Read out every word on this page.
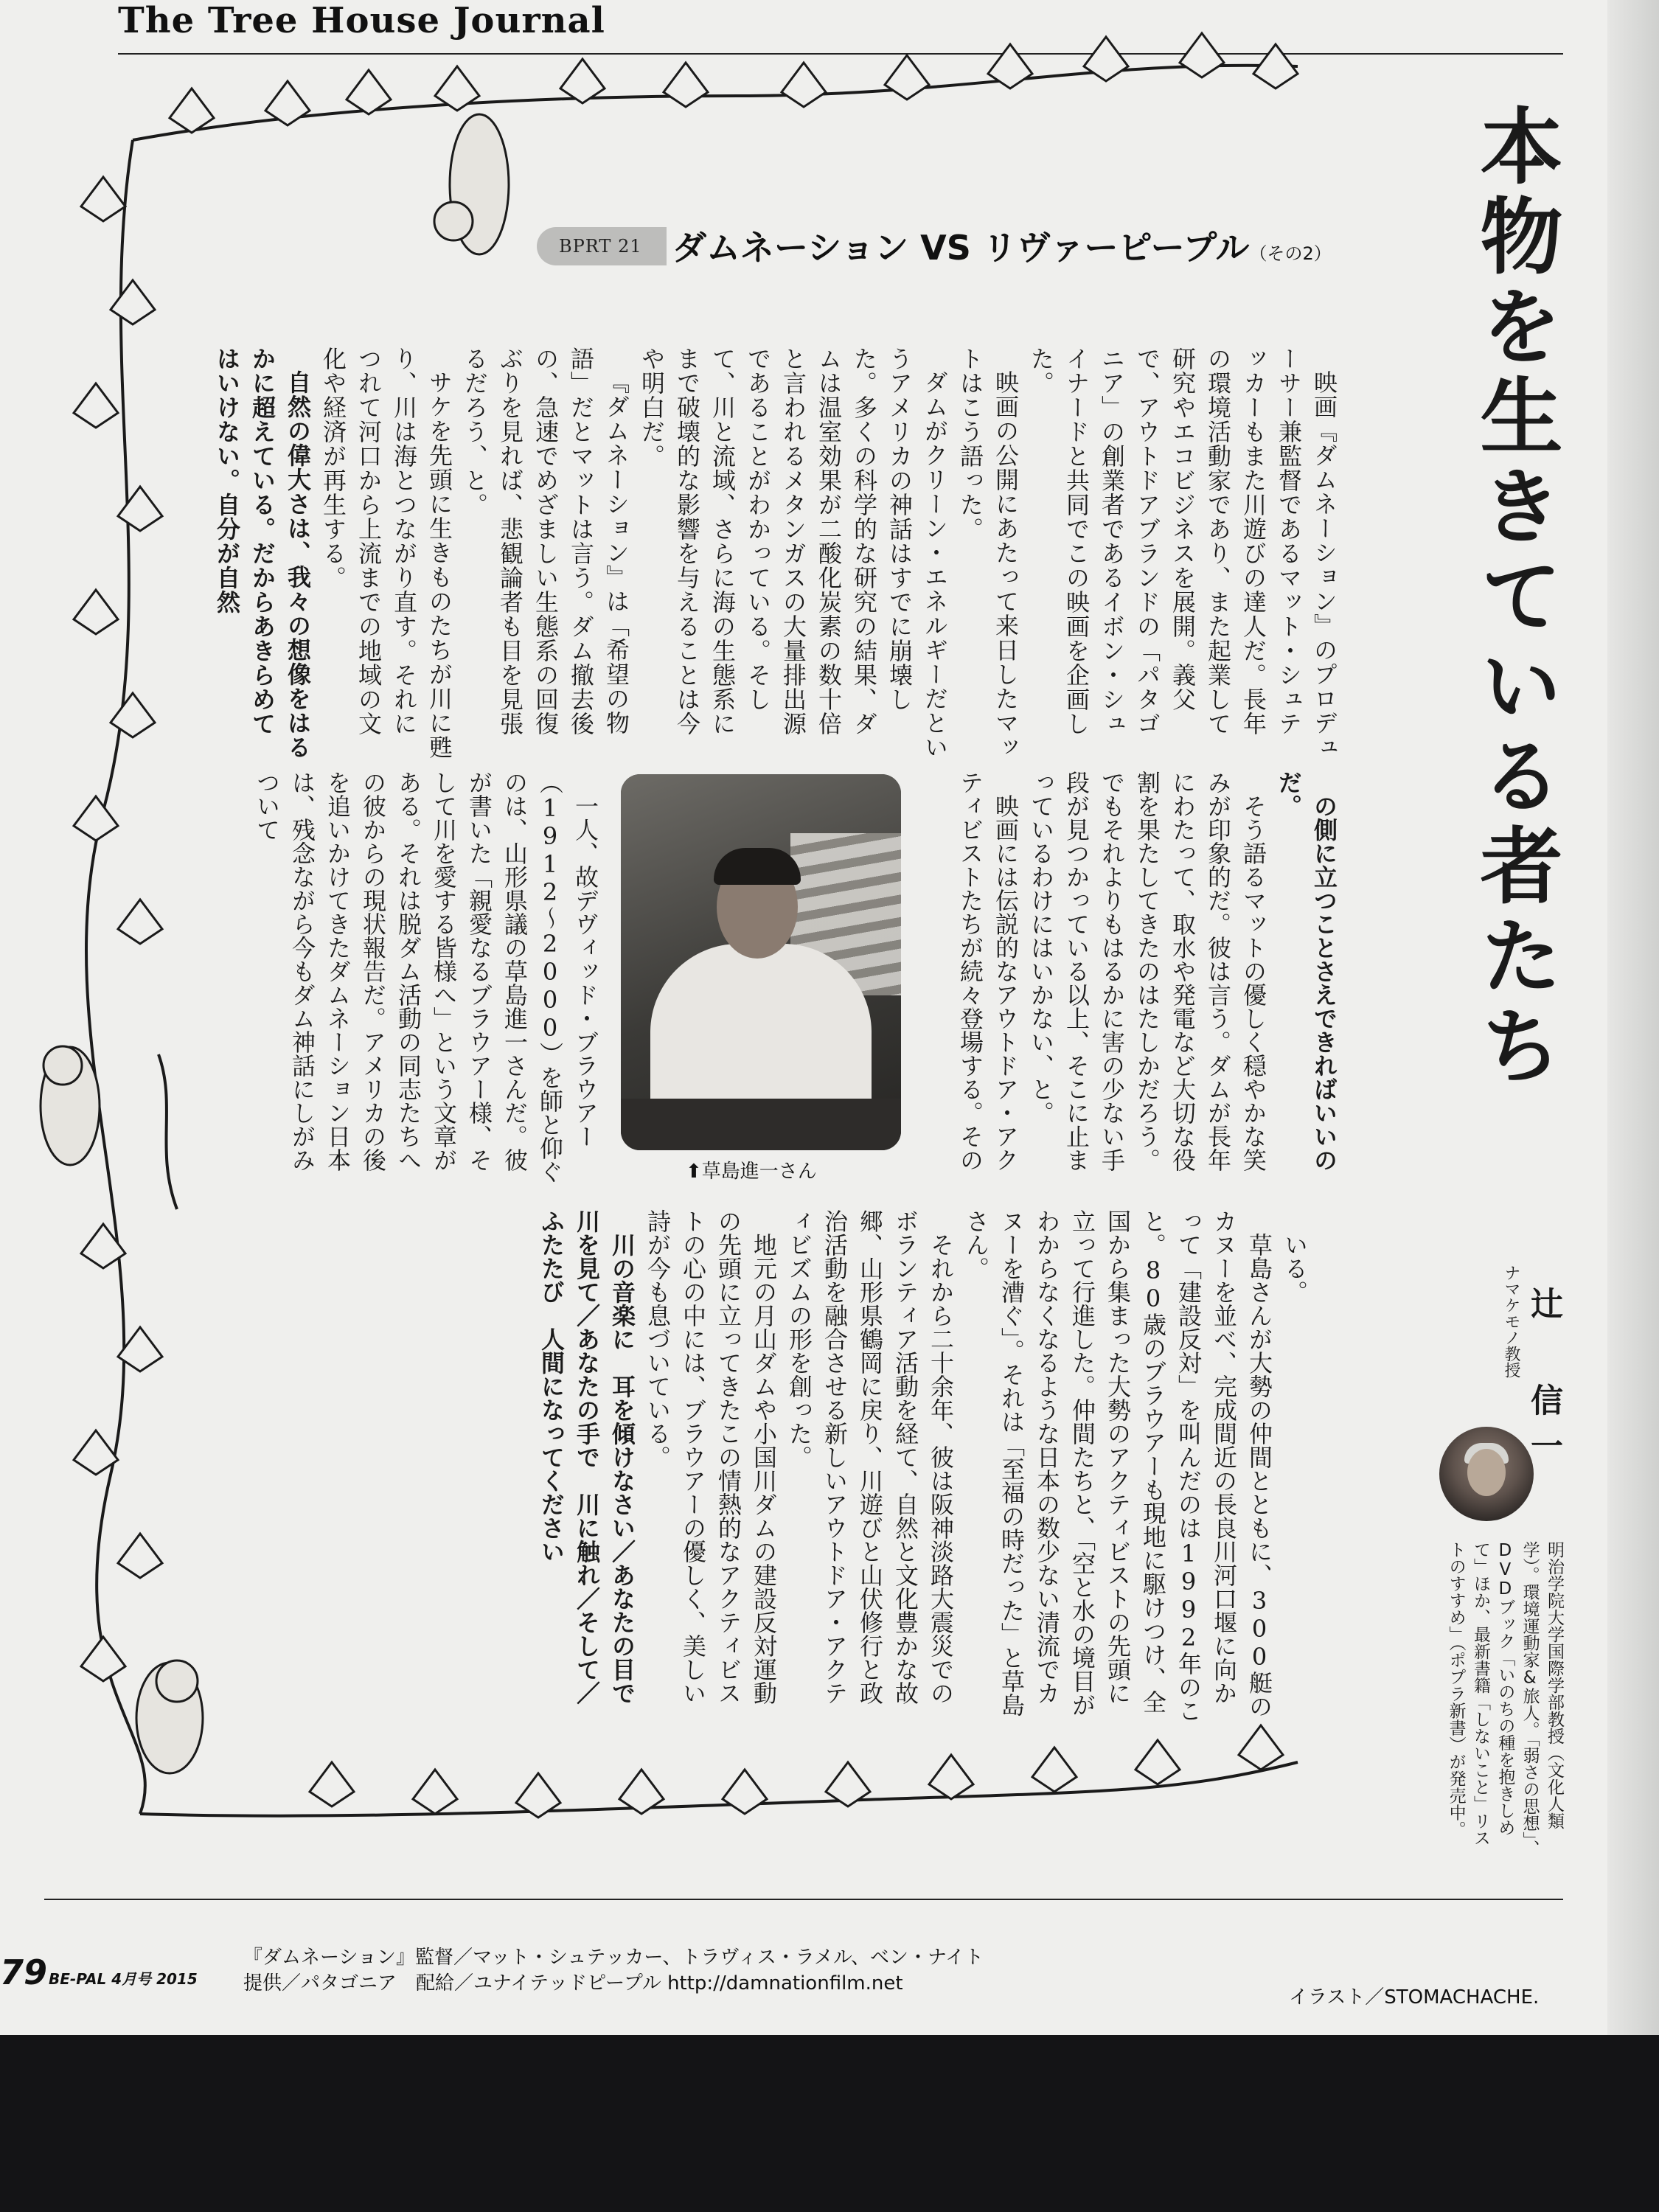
The Tree House Journal
BPRT 21 ダムネーション VS リヴァーピープル（その2） 本物を生きている者たち
ナマケモノ教授 辻 信一
明治学院大学国際学部教授（文化人類学）。環境運動家&旅人。「弱さの思想」、DVDブック「いのちの種を抱きしめて」ほか、最新書籍「しないこと」リストのすすめ」（ポプラ新書）が発売中。

映画『ダムネーション』のプロデューサー兼監督であるマット・シュテッカーもまた川遊びの達人だ。長年の環境活動家であり、また起業して研究やエコビジネスを展開。義父で、アウトドアブランドの「パタゴニア」の創業者であるイボン・シュイナードと共同でこの映画を企画した。

映画の公開にあたって来日したマットはこう語った。

ダムがクリーン・エネルギーだというアメリカの神話はすでに崩壊した。多くの科学的な研究の結果、ダムは温室効果が二酸化炭素の数十倍と言われるメタンガスの大量排出源であることがわかっている。そして、川と流域、さらに海の生態系にまで破壊的な影響を与えることは今や明白だ。

『ダムネーション』は「希望の物語」だとマットは言う。ダム撤去後の、急速でめざましい生態系の回復ぶりを見れば、悲観論者も目を見張るだろう、と。

サケを先頭に生きものたちが川に甦り、川は海とつながり直す。それにつれて河口から上流までの地域の文化や経済が再生する。

自然の偉大さは、我々の想像をはるかに超えている。だからあきらめてはいけない。自分が自然

の側に立つことさえできればいいのだ。

そう語るマットの優しく穏やかな笑みが印象的だ。彼は言う。ダムが長年にわたって、取水や発電など大切な役割を果たしてきたのはたしかだろう。でもそれよりもはるかに害の少ない手段が見つかっている以上、そこに止まっているわけにはいかない、と。

映画には伝説的なアウトドア・アクティビストたちが続々登場する。その

⬆草島進一さん

一人、故デヴィッド・ブラウアー（1912〜2000）を師と仰ぐのは、山形県議の草島進一さんだ。彼が書いた「親愛なるブラウアー様、そして川を愛する皆様へ」という文章がある。それは脱ダム活動の同志たちへの彼からの現状報告だ。アメリカの後を追いかけてきたダムネーション日本は、残念ながら今もダム神話にしがみついて

いる。

草島さんが大勢の仲間とともに、300艇のカヌーを並べ、完成間近の長良川河口堰に向かって「建設反対」を叫んだのは1992年のこと。80歳のブラウアーも現地に駆けつけ、全国から集まった大勢のアクティビストの先頭に立って行進した。仲間たちと、「空と水の境目がわからなくなるような日本の数少ない清流でカヌーを漕ぐ」。それは「至福の時だった」と草島さん。

それから二十余年、彼は阪神淡路大震災でのボランティア活動を経て、自然と文化豊かな故郷、山形県鶴岡に戻り、川遊びと山伏修行と政治活動を融合させる新しいアウトドア・アクティビズムの形を創った。

地元の月山ダムや小国川ダムの建設反対運動の先頭に立ってきたこの情熱的なアクティビストの心の中には、ブラウアーの優しく、美しい詩が今も息づいている。

川の音楽に　耳を傾けなさい／あなたの目で　川を見て／あなたの手で　川に触れ／そして／ふたたび　人間になってください

79 BE-PAL 4月号 2015
『ダムネーション』監督／マット・シュテッカー、トラヴィス・ラメル、ベン・ナイト
提供／パタゴニア　配給／ユナイテッドピープル http://damnationfilm.net
イラスト／STOMACHACHE.
